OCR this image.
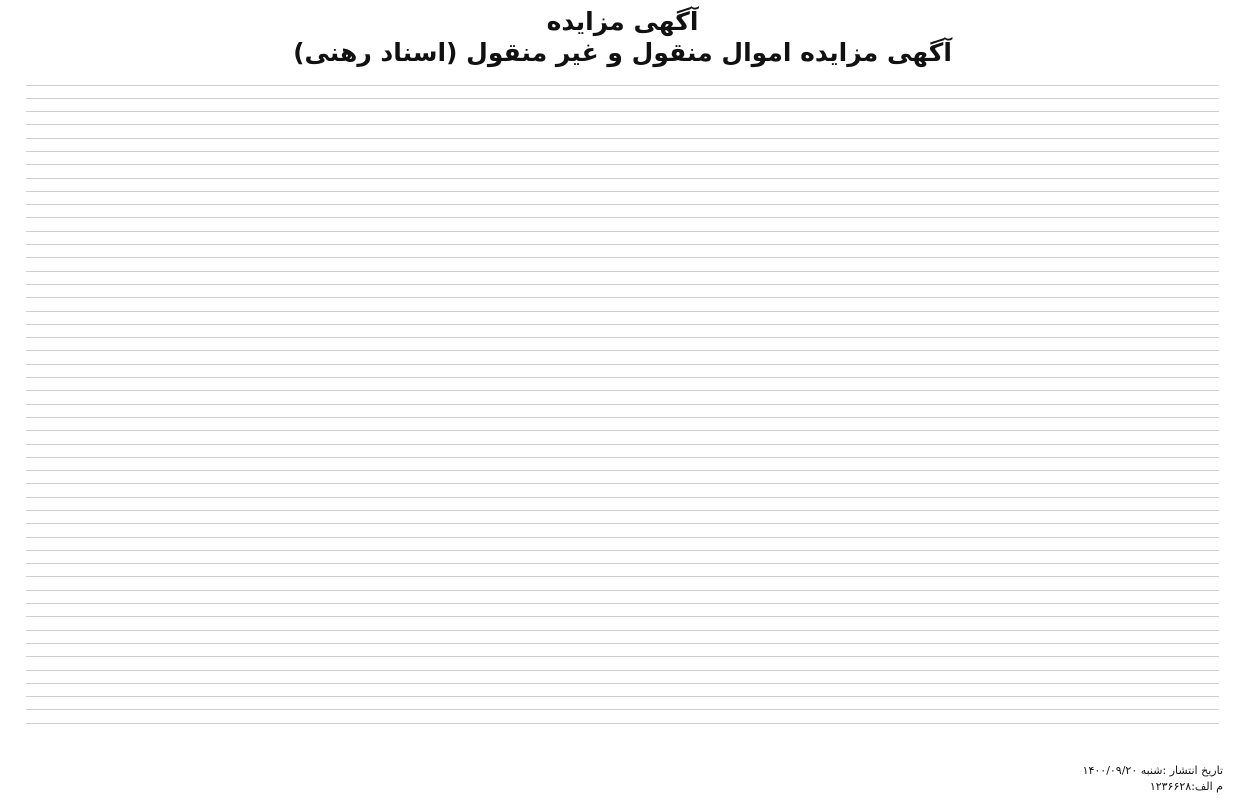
آگهی مزایده

آگهی مزایده اموال منقول و غیر منقول (اسناد رهنی)

تاریخ انتشار :شنبه ۱۴۰۰/۰۹/۲۰
م الف:۱۲۳۶۶۲۸
